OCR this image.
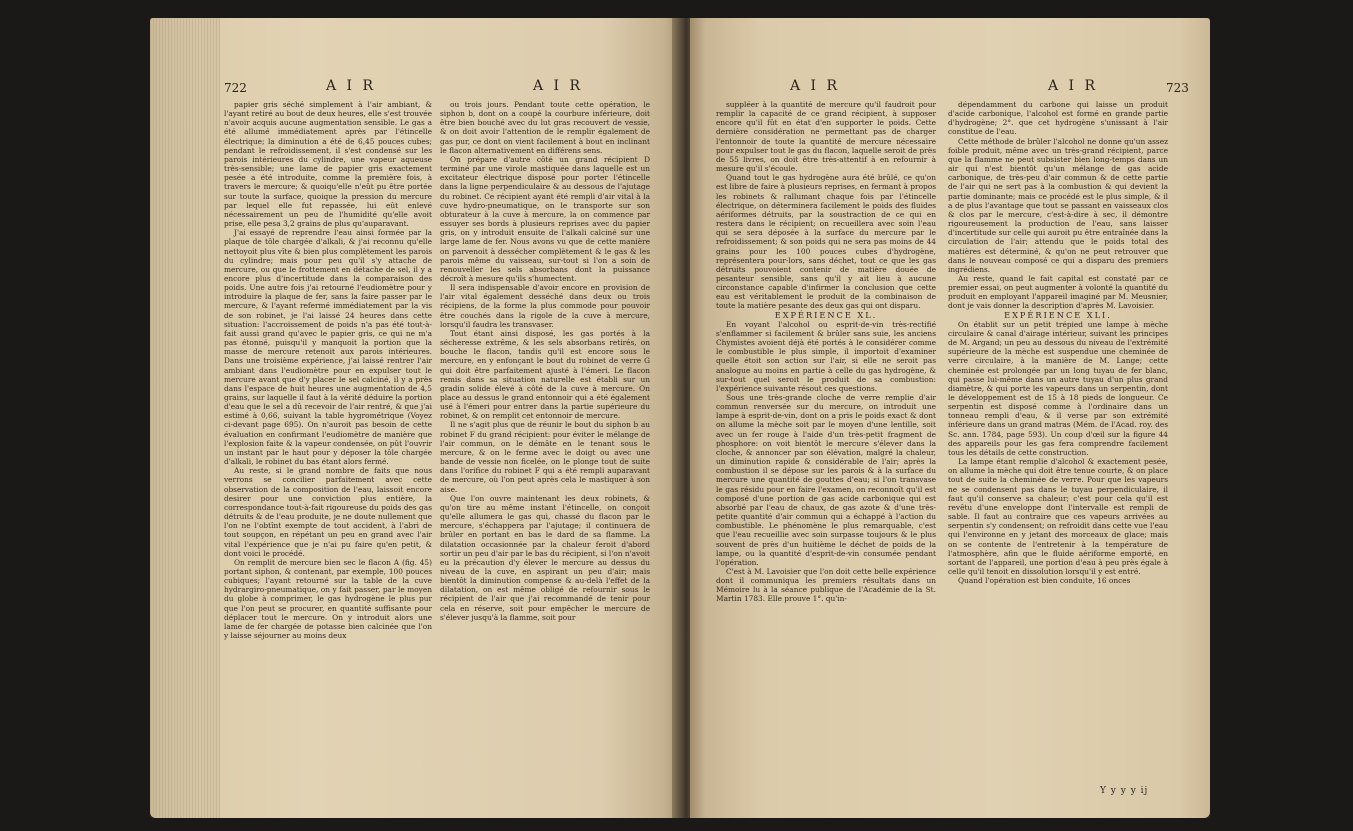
722	A I R	A I R

papier gris séché simplement à l'air ambiant, & l'ayant retiré au bout de deux heures, elle s'est trouvée n'avoir acquis aucune augmentation sensible. Le gas a été allumé immédiatement après par l'étincelle électrique; la diminution a été de 6,45 pouces cubes; pendant le refroidissement, il s'est condensé sur les parois intérieures du cylindre, une vapeur aqueuse très-sensible; une lame de papier gris exactement pesée a été introduite, comme la première fois, à travers le mercure; & quoiqu'elle n'eût pu être portée sur toute la surface, quoique la pression du mercure par lequel elle fut repassée, lui eût enlevé nécessairement un peu de l'humidité qu'elle avoit prise, elle pesa 3,2 grains de plus qu'auparavant.

J'ai essayé de reprendre l'eau ainsi formée par la plaque de tôle chargée d'alkali, & j'ai reconnu qu'elle nettoyoit plus vîte & bien plus complètement les parois du cylindre; mais pour peu qu'il s'y attache de mercure, ou que le frottement en détache de sel, il y a encore plus d'incertitude dans la comparaison des poids. Une autre fois j'ai retourné l'eudiomètre pour y introduire la plaque de fer, sans la faire passer par le mercure, & l'ayant refermé immédiatement par la vis de son robinet, je l'ai laissé 24 heures dans cette situation: l'accroissement de poids n'a pas été tout-à-fait aussi grand qu'avec le papier gris, ce qui ne m'a pas étonné, puisqu'il y manquoit la portion que la masse de mercure retenoit aux parois intérieures. Dans une troisième expérience, j'ai laissé rentrer l'air ambiant dans l'eudiomètre pour en expulser tout le mercure avant que d'y placer le sel calciné, il y a près dans l'espace de huit heures une augmentation de 4,5 grains, sur laquelle il faut à la vérité déduire la portion d'eau que le sel a dû recevoir de l'air rentré, & que j'ai estimé à 0,66, suivant la table hygrométrique (Voyez ci-devant page 695). On n'auroit pas besoin de cette évaluation en confirmant l'eudiomètre de manière que l'explosion faite & la vapeur condensée, on pût l'ouvrir un instant par le haut pour y déposer la tôle chargée d'alkali, le robinet du bas étant alors fermé.

Au reste, si le grand nombre de faits que nous verrons se concilier parfaitement avec cette observation de la composition de l'eau, laissoit encore desirer pour une conviction plus entière, la correspondance tout-à-fait rigoureuse du poids des gas détruits & de l'eau produite, je ne doute nullement que l'on ne l'obtînt exempte de tout accident, à l'abri de tout soupçon, en répétant un peu en grand avec l'air vital l'expérience que je n'ai pu faire qu'en petit, & dont voici le procédé.

On remplit de mercure bien sec le flacon A (fig. 45) portant siphon, & contenant, par exemple, 100 pouces cubiques; l'ayant retourné sur la table de la cuve hydrargiro-pneumatique, on y fait passer, par le moyen du globe à comprimer, le gas hydrogène le plus pur que l'on peut se procurer, en quantité suffisante pour déplacer tout le mercure. On y introduit alors une lame de fer chargée de potasse bien calcinée que l'on y laisse séjourner au moins deux

ou trois jours. Pendant toute cette opération, le siphon b, dont on a coupé la courbure inférieure, doit être bien bouché avec du lut gras recouvert de vessie, & on doit avoir l'attention de le remplir également de gas pur, ce dont on vient facilement à bout en inclinant le flacon alternativement en différens sens.

On prépare d'autre côté un grand récipient D terminé par une virole mastiquée dans laquelle est un excitateur électrique disposé pour porter l'étincelle dans la ligne perpendiculaire & au dessous de l'ajutage du robinet. Ce récipient ayant été rempli d'air vital à la cuve hydro-pneumatique, on le transporte sur son obturateur à la cuve à mercure, la on commence par essuyer ses bords à plusieurs reprises avec du papier gris, on y introduit ensuite de l'alkali calciné sur une large lame de fer. Nous avons vu que de cette manière on parvenoit à dessécher complètement & le gas & les parois même du vaisseau, sur-tout si l'on a soin de renouveller les sels absorbans dont la puissance décroît à mesure qu'ils s'humectent.

Il sera indispensable d'avoir encore en provision de l'air vital également desséché dans deux ou trois récipiens, de la forme la plus commode pour pouvoir être couchés dans la rigole de la cuve à mercure, lorsqu'il faudra les transvaser.

Tout étant ainsi disposé, les gas portés à la sécheresse extrême, & les sels absorbans retirés, on bouche le flacon, tandis qu'il est encore sous le mercure, en y enfonçant le bout du robinet de verre G qui doit être parfaitement ajusté à l'émeri. Le flacon remis dans sa situation naturelle est établi sur un gradin solide élevé à côté de la cuve à mercure. On place au dessus le grand entonnoir qui a été également usé à l'émeri pour entrer dans la partie supérieure du robinet, & on remplit cet entonnoir de mercure.

Il ne s'agit plus que de réunir le bout du siphon b au robinet F du grand récipient: pour éviter le mélange de l'air commun, on le démâte en le tenant sous le mercure, & on le ferme avec le doigt ou avec une bande de vessie non ficelée, on le plonge tout de suite dans l'orifice du robinet F qui a été rempli auparavant de mercure, où l'on peut après cela le mastiquer à son aise.

Que l'on ouvre maintenant les deux robinets, & qu'on tire au même instant l'étincelle, on conçoit qu'elle allumera le gas qui, chassé du flacon par le mercure, s'échappera par l'ajutage; il continuera de brûler en portant en bas le dard de sa flamme. La dilatation occasionnée par la chaleur feroit d'abord sortir un peu d'air par le bas du récipient, si l'on n'avoit eu la précaution d'y élever le mercure au dessus du niveau de la cuve, en aspirant un peu d'air; mais bientôt la diminution compense & au-delà l'effet de la dilatation, on est même obligé de refournir sous le récipient de l'air que j'ai recommandé de tenir pour cela en réserve, soit pour empêcher le mercure de s'élever jusqu'à la flamme, soit pour

A I R	A I R	723

suppléer à la quantité de mercure qu'il faudroit pour remplir la capacité de ce grand récipient, à supposer encore qu'il fût en état d'en supporter le poids. Cette dernière considération ne permettant pas de charger l'entonnoir de toute la quantité de mercure nécessaire pour expulser tout le gas du flacon, laquelle seroit de près de 55 livres, on doit être très-attentif à en refournir à mesure qu'il s'écoule.

Quand tout le gas hydrogène aura été brûlé, ce qu'on est libre de faire à plusieurs reprises, en fermant à propos les robinets & rallumant chaque fois par l'étincelle électrique, on déterminera facilement le poids des fluides aériformes détruits, par la soustraction de ce qui en restera dans le récipient; on recueillera avec soin l'eau qui se sera déposée à la surface du mercure par le refroidissement; & son poids qui ne sera pas moins de 44 grains pour les 100 pouces cubes d'hydrogène, représentera pour-lors, sans déchet, tout ce que les gas détruits pouvoient contenir de matière douée de pesanteur sensible, sans qu'il y ait lieu à aucune circonstance capable d'infirmer la conclusion que cette eau est véritablement le produit de la combinaison de toute la matière pesante des deux gas qui ont disparu.

EXPÉRIENCE XL.

En voyant l'alcohol ou esprit-de-vin très-rectifié s'enflammer si facilement & brûler sans suie, les anciens Chymistes avoient déjà été portés à le considérer comme le combustible le plus simple, il importoit d'examiner quelle étoit son action sur l'air, si elle ne seroit pas analogue au moins en partie à celle du gas hydrogène, & sur-tout quel seroit le produit de sa combustion: l'expérience suivante résout ces questions.

Sous une très-grande cloche de verre remplie d'air commun renversée sur du mercure, on introduit une lampe à esprit-de-vin, dont on a pris le poids exact & dont on allume la mèche soit par le moyen d'une lentille, soit avec un fer rouge à l'aide d'un très-petit fragment de phosphore: on voit bientôt le mercure s'élever dans la cloche, & annoncer par son élévation, malgré la chaleur, un diminution rapide & considérable de l'air; après la combustion il se dépose sur les parois & à la surface du mercure une quantité de gouttes d'eau; si l'on transvase le gas résidu pour en faire l'examen, on reconnoît qu'il est composé d'une portion de gas acide carbonique qui est absorbé par l'eau de chaux, de gas azote & d'une très-petite quantité d'air commun qui a échappé à l'action du combustible. Le phénomène le plus remarquable, c'est que l'eau recueillie avec soin surpasse toujours & le plus souvent de près d'un huitième le déchet de poids de la lampe, ou la quantité d'esprit-de-vin consumée pendant l'opération.

C'est à M. Lavoisier que l'on doit cette belle expérience dont il communiqua les premiers résultats dans un Mémoire lu à la séance publique de l'Académie de la St. Martin 1783. Elle prouve 1°. qu'in-

dépendamment du carbone qui laisse un produit d'acide carbonique, l'alcohol est formé en grande partie d'hydrogène; 2°. que cet hydrogène s'unissant à l'air constitue de l'eau.

Cette méthode de brûler l'alcohol ne donne qu'un assez foible produit, même avec un très-grand récipient, parce que la flamme ne peut subsister bien long-temps dans un air qui n'est bientôt qu'un mélange de gas acide carbonique, de très-peu d'air commun & de cette partie de l'air qui ne sert pas à la combustion & qui devient la partie dominante; mais ce procédé est le plus simple, & il a de plus l'avantage que tout se passant en vaisseaux clos & clos par le mercure, c'est-à-dire à sec, il démontre rigoureusement la production de l'eau, sans laisser d'incertitude sur celle qui auroit pu être entraînée dans la circulation de l'air; attendu que le poids total des matières est déterminé, & qu'on ne peut retrouver que dans le nouveau composé ce qui a disparu des premiers ingrédiens.

Au reste, quand le fait capital est constaté par ce premier essai, on peut augmenter à volonté la quantité du produit en employant l'appareil imaginé par M. Meusnier, dont je vais donner la description d'après M. Lavoisier.

EXPÉRIENCE XLI.

On établit sur un petit trépied une lampe à mèche circulaire & canal d'airage intérieur, suivant les principes de M. Argand; un peu au dessous du niveau de l'extrémité supérieure de la mèche est suspendue une cheminée de verre circulaire, à la manière de M. Lange; cette cheminée est prolongée par un long tuyau de fer blanc, qui passe lui-même dans un autre tuyau d'un plus grand diamètre, & qui porte les vapeurs dans un serpentin, dont le développement est de 15 à 18 pieds de longueur. Ce serpentin est disposé comme à l'ordinaire dans un tonneau rempli d'eau, & il verse par son extrémité inférieure dans un grand matras (Mém. de l'Acad. roy. des Sc. ann. 1784, page 593). Un coup d'œil sur la figure 44 des appareils pour les gas fera comprendre facilement tous les détails de cette construction.

La lampe étant remplie d'alcohol & exactement pesée, on allume la mèche qui doit être tenue courte, & on place tout de suite la cheminée de verre. Pour que les vapeurs ne se condensent pas dans le tuyau perpendiculaire, il faut qu'il conserve sa chaleur; c'est pour cela qu'il est revêtu d'une enveloppe dont l'intervalle est rempli de sable. Il faut au contraire que ces vapeurs arrivées au serpentin s'y condensent; on refroidit dans cette vue l'eau qui l'environne en y jetant des morceaux de glace; mais on se contente de l'entretenir à la température de l'atmosphère, afin que le fluide aériforme emporté, en sortant de l'appareil, une portion d'eau à peu près égale à celle qu'il tenoit en dissolution lorsqu'il y est entré.

Quand l'opération est bien conduite, 16 onces

Y y y y ij
